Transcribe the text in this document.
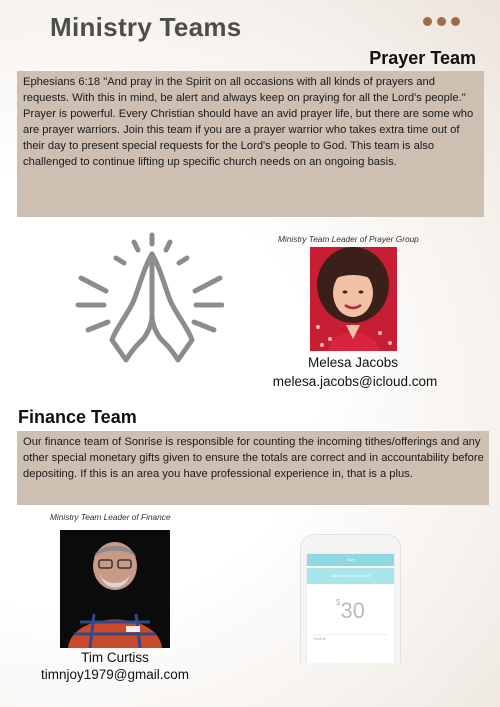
Ministry Teams
Prayer Team

Ephesians 6:18 "And pray in the Spirit on all occasions with all kinds of prayers and requests. With this in mind, be alert and always keep on praying for all the Lord's people."

Prayer is powerful. Every Christian should have an avid prayer life, but there are some who are prayer warriors. Join this team if you are a prayer warrior who takes extra time out of their day to present special requests for the Lord's people to God. This team is also challenged to continue lifting up specific church needs on an ongoing basis.

Ministry Team Leader of Prayer Group
Melesa Jacobs
melesa.jacobs@icloud.com
Finance Team

Our finance team of Sonrise is responsible for counting the incoming tithes/offerings and any other special monetary gifts given to ensure the totals are correct and in accountability before depositing. If this is an area you have professional experience in, that is a plus.

Ministry Team Leader of Finance
Tim Curtiss
timnjoy1979@gmail.com
Give
Sonrise Christian Church
$30
General
